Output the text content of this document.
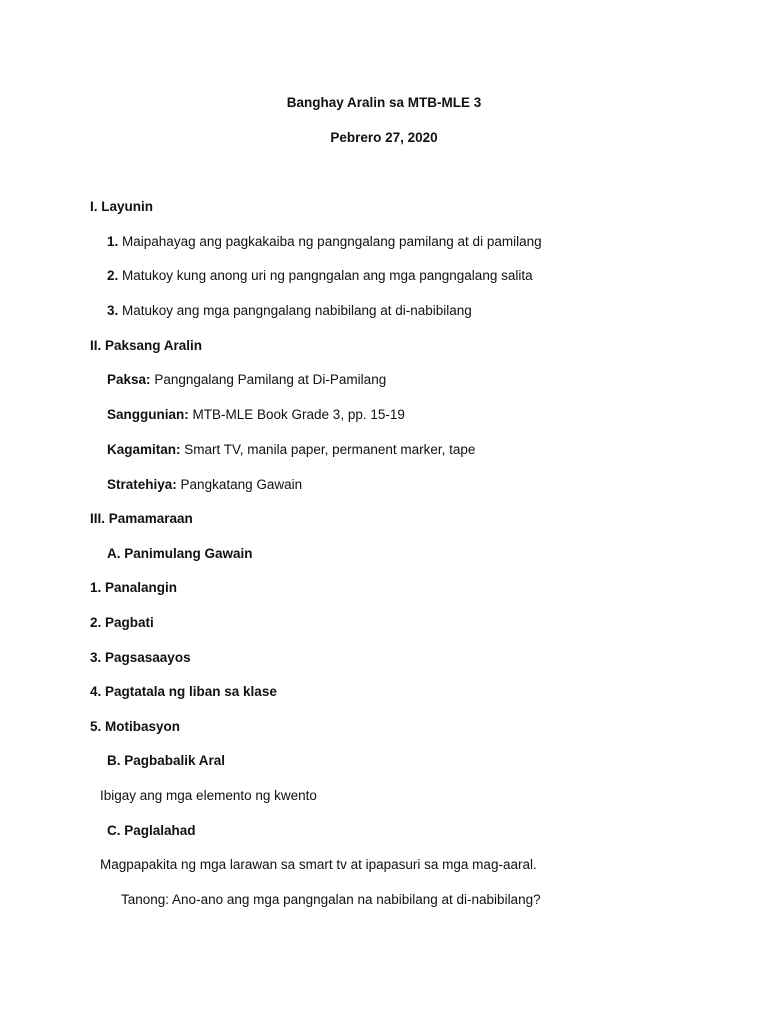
Banghay Aralin sa MTB-MLE 3
Pebrero 27, 2020
I. Layunin
1. Maipahayag ang pagkakaiba ng pangngalang pamilang at di pamilang
2. Matukoy kung anong uri ng pangngalan ang mga pangngalang salita
3. Matukoy ang mga pangngalang nabibilang at di-nabibilang
II. Paksang Aralin
Paksa: Pangngalang Pamilang at Di-Pamilang
Sanggunian: MTB-MLE Book Grade 3, pp. 15-19
Kagamitan: Smart TV, manila paper, permanent marker, tape
Stratehiya: Pangkatang Gawain
III. Pamamaraan
A. Panimulang Gawain
1. Panalangin
2. Pagbati
3. Pagsasaayos
4. Pagtatala ng liban sa klase
5. Motibasyon
B. Pagbabalik Aral
Ibigay ang mga elemento ng kwento
C. Paglalahad
Magpapakita ng mga larawan sa smart tv at ipapasuri sa mga mag-aaral.
Tanong: Ano-ano ang mga pangngalan na nabibilang at di-nabibilang?
